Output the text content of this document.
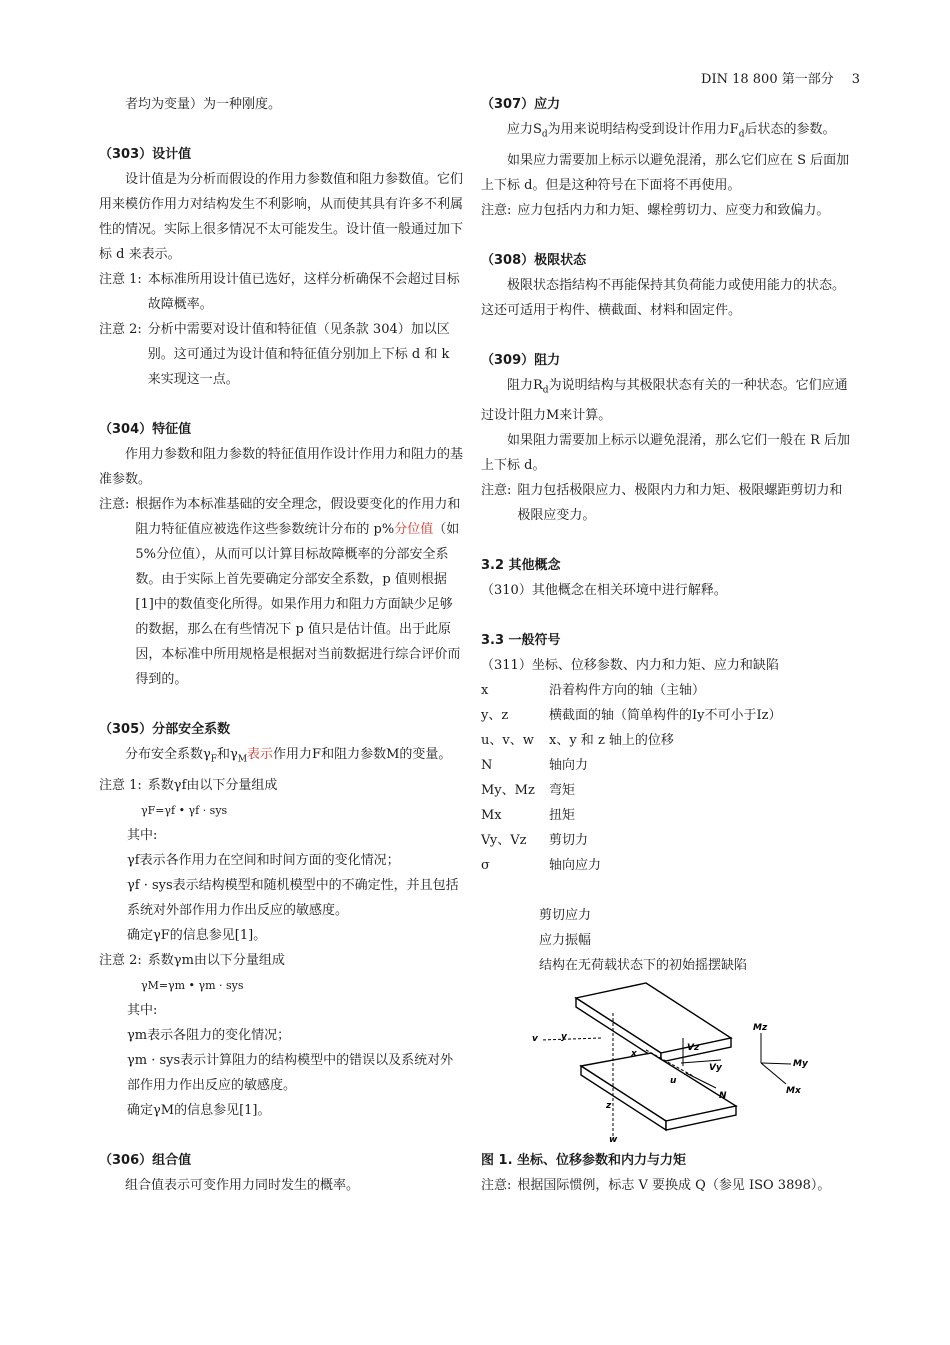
DIN 18 800 第一部分 3

者均为变量）为一种刚度。

（303）设计值

设计值是为分析而假设的作用力参数值和阻力参数值。它们用来模仿作用力对结构发生不利影响，从而使其具有许多不利属性的情况。实际上很多情况不太可能发生。设计值一般通过加下标 d 来表示。

注意 1: 本标准所用设计值已选好，这样分析确保不会超过目标故障概率。
注意 2: 分析中需要对设计值和特征值（见条款 304）加以区别。这可通过为设计值和特征值分别加上下标 d 和 k 来实现这一点。

（304）特征值

作用力参数和阻力参数的特征值用作设计作用力和阻力的基准参数。

注意: 根据作为本标准基础的安全理念，假设要变化的作用力和阻力特征值应被选作这些参数统计分布的 p%分位值（如 5%分位值），从而可以计算目标故障概率的分部安全系数。由于实际上首先要确定分部安全系数，p 值则根据[1]中的数值变化所得。如果作用力和阻力方面缺少足够的数据，那么在有些情况下 p 值只是估计值。出于此原因，本标准中所用规格是根据对当前数据进行综合评价而得到的。

（305）分部安全系数

分布安全系数$\gamma_F$和$\gamma_M$表示作用力F和阻力参数M的变量。

注意 1: 系数γf由以下分量组成

γF=γf • γf · sys

其中:

γf表示各作用力在空间和时间方面的变化情况；

γf · sys表示结构模型和随机模型中的不确定性，并且包括系统对外部作用力作出反应的敏感度。

确定γF的信息参见[1]。

注意 2: 系数γm由以下分量组成

γM=γm • γm · sys

其中:

γm表示各阻力的变化情况；

γm · sys表示计算阻力的结构模型中的错误以及系统对外部作用力作出反应的敏感度。

确定γM的信息参见[1]。

（306）组合值

组合值表示可变作用力同时发生的概率。

（307）应力

应力$S_d$为用来说明结构受到设计作用力$F_d$后状态的参数。

如果应力需要加上标示以避免混淆，那么它们应在 S 后面加上下标 d。但是这种符号在下面将不再使用。

注意: 应力包括内力和力矩、螺栓剪切力、应变力和致偏力。

（308）极限状态

极限状态指结构不再能保持其负荷能力或使用能力的状态。这还可适用于构件、横截面、材料和固定件。

（309）阻力

阻力$R_d$为说明结构与其极限状态有关的一种状态。它们应通过设计阻力M来计算。

如果阻力需要加上标示以避免混淆，那么它们一般在 R 后加上下标 d。

注意: 阻力包括极限应力、极限内力和力矩、极限螺距剪切力和极限应变力。

3.2 其他概念

（310）其他概念在相关环境中进行解释。

3.3 一般符号

（311）坐标、位移参数、内力和力矩、应力和缺陷

x	沿着构件方向的轴（主轴）
y、z	横截面的轴（简单构件的Iy不可小于Iz）
u、v、w	x、y 和 z 轴上的位移
N	轴向力
My、Mz	弯矩
Mx	扭矩
Vy、Vz	剪切力
σ	轴向应力

剪切应力

应力振幅

结构在无荷载状态下的初始摇摆缺陷

v	y
x
Vz
Vy
u
z
w
N
Mz
My
Mx

图 1. 坐标、位移参数和内力与力矩

注意: 根据国际惯例，标志 V 要换成 Q（参见 ISO 3898）。
